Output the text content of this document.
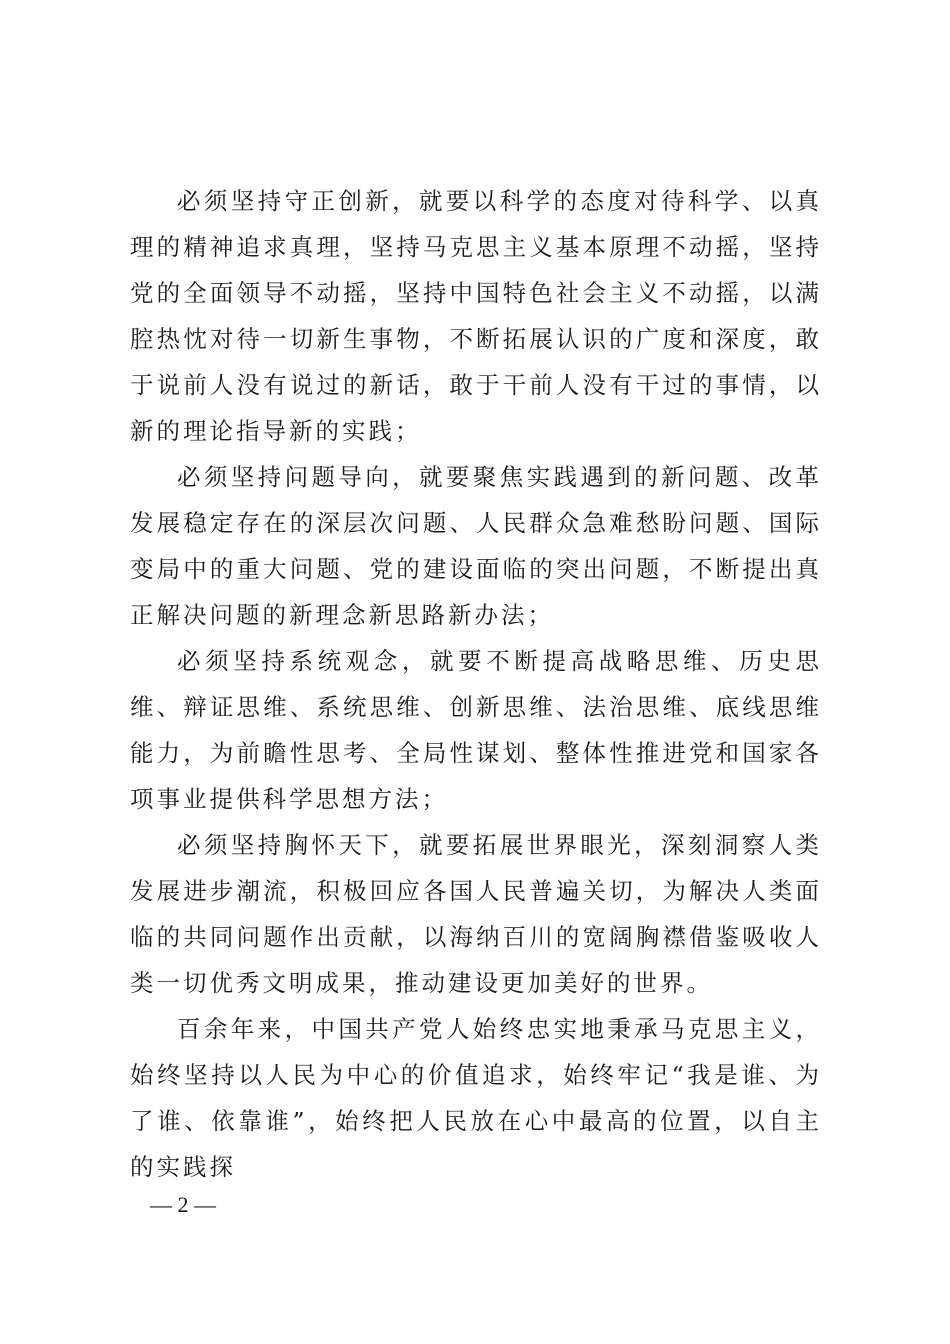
必须坚持守正创新，就要以科学的态度对待科学、以真理的精神追求真理，坚持马克思主义基本原理不动摇，坚持党的全面领导不动摇，坚持中国特色社会主义不动摇，以满腔热忱对待一切新生事物，不断拓展认识的广度和深度，敢于说前人没有说过的新话，敢于干前人没有干过的事情，以新的理论指导新的实践；

必须坚持问题导向，就要聚焦实践遇到的新问题、改革发展稳定存在的深层次问题、人民群众急难愁盼问题、国际变局中的重大问题、党的建设面临的突出问题，不断提出真正解决问题的新理念新思路新办法；

必须坚持系统观念，就要不断提高战略思维、历史思维、辩证思维、系统思维、创新思维、法治思维、底线思维能力，为前瞻性思考、全局性谋划、整体性推进党和国家各项事业提供科学思想方法；

必须坚持胸怀天下，就要拓展世界眼光，深刻洞察人类发展进步潮流，积极回应各国人民普遍关切，为解决人类面临的共同问题作出贡献，以海纳百川的宽阔胸襟借鉴吸收人类一切优秀文明成果，推动建设更加美好的世界。

百余年来，中国共产党人始终忠实地秉承马克思主义，始终坚持以人民为中心的价值追求，始终牢记“我是谁、为了谁、依靠谁”，始终把人民放在心中最高的位置，以自主的实践探

— 2 —
